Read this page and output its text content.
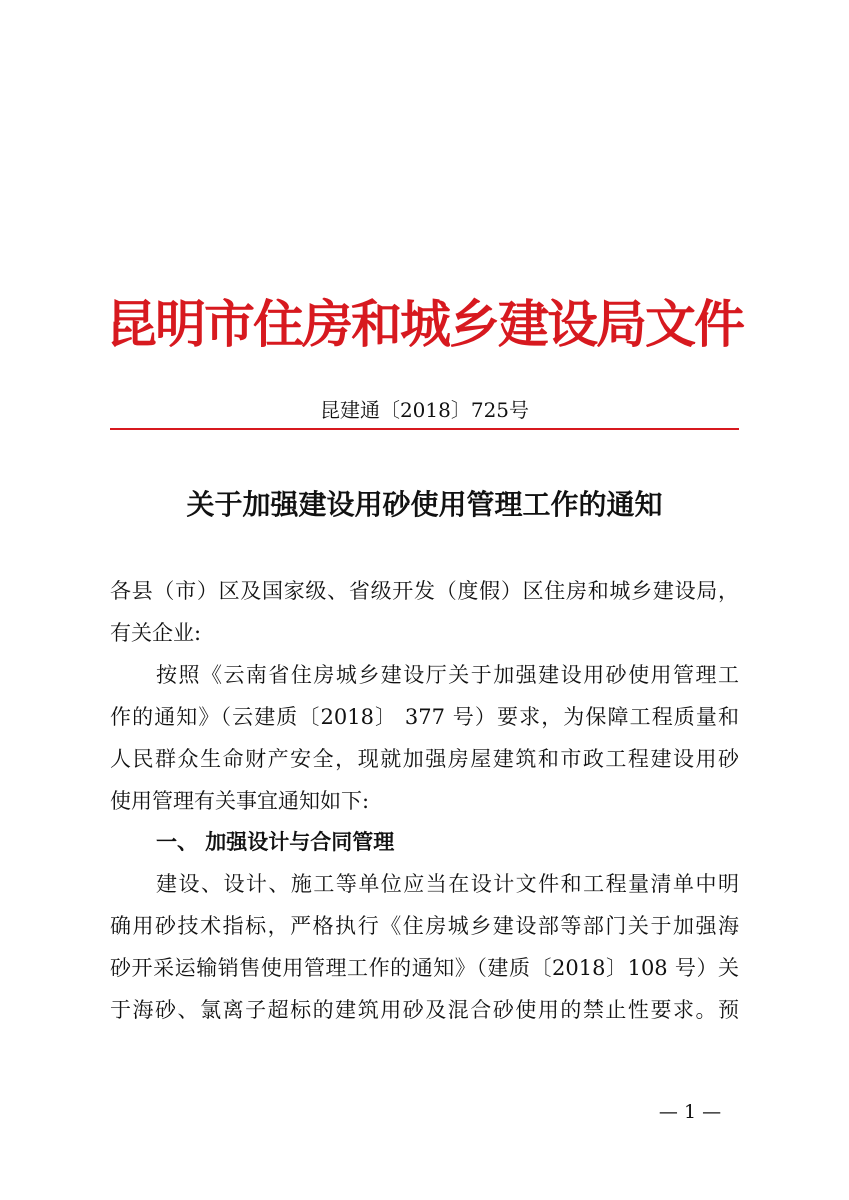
昆明市住房和城乡建设局文件
昆建通〔2018〕725号
关于加强建设用砂使用管理工作的通知
各县（市）区及国家级、省级开发（度假）区住房和城乡建设局，
有关企业:
按照《云南省住房城乡建设厅关于加强建设用砂使用管理工
作的通知》（云建质〔2018〕 377 号）要求，为保障工程质量和
人民群众生命财产安全，现就加强房屋建筑和市政工程建设用砂
使用管理有关事宜通知如下:
一、 加强设计与合同管理
建设、设计、施工等单位应当在设计文件和工程量清单中明
确用砂技术指标，严格执行《住房城乡建设部等部门关于加强海
砂开采运输销售使用管理工作的通知》（建质〔2018〕108 号）关
于海砂、氯离子超标的建筑用砂及混合砂使用的禁止性要求。预
— 1 —
